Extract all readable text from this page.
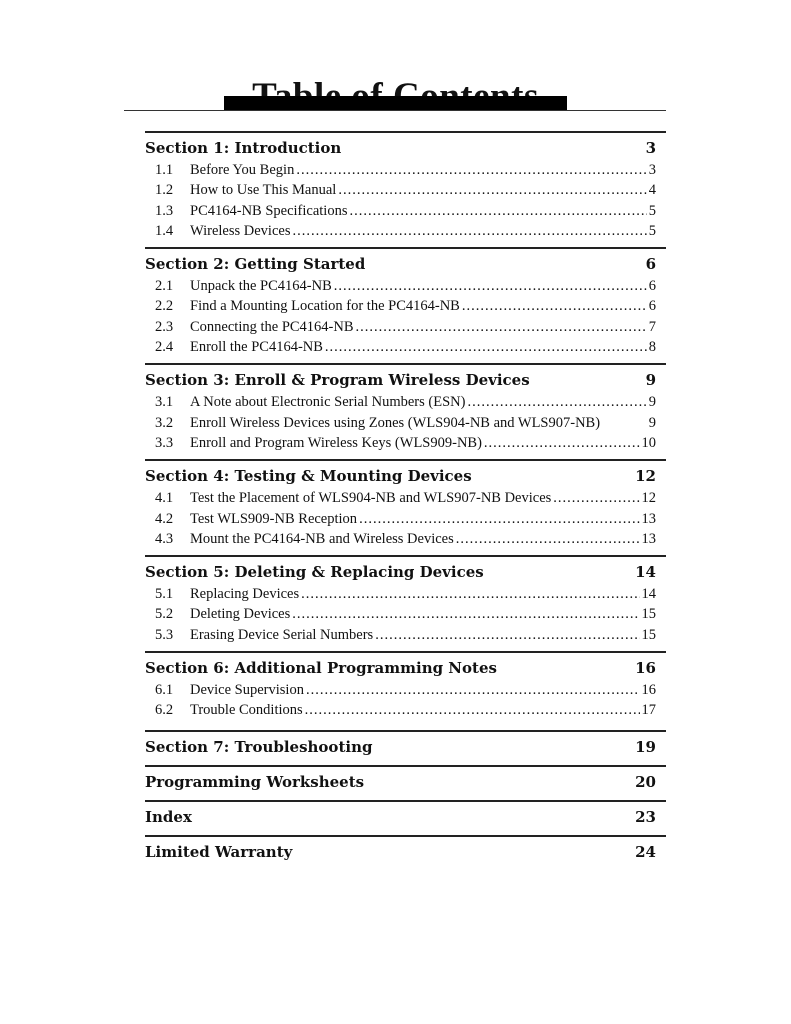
Section 1: Introduction	3
1.1	Before You Begin .....	3
1.2	How to Use This Manual .....	4
1.3	PC4164-NB Specifications .....	5
1.4	Wireless Devices .....	5
Section 2: Getting Started	6
2.1	Unpack the PC4164-NB .....	6
2.2	Find a Mounting Location for the PC4164-NB .....	6
2.3	Connecting the PC4164-NB .....	7
2.4	Enroll the PC4164-NB .....	8
Section 3: Enroll & Program Wireless Devices	9
3.1	A Note about Electronic Serial Numbers (ESN) .....	9
3.2	Enroll Wireless Devices using Zones (WLS904-NB and WLS907-NB)	9
3.3	Enroll and Program Wireless Keys (WLS909-NB) .....	10
Section 4: Testing & Mounting Devices	12
4.1	Test the Placement of WLS904-NB and WLS907-NB Devices .....	12
4.2	Test WLS909-NB Reception .....	13
4.3	Mount the PC4164-NB and Wireless Devices .....	13
Section 5: Deleting & Replacing Devices	14
5.1	Replacing Devices .....	14
5.2	Deleting Devices .....	15
5.3	Erasing Device Serial Numbers .....	15
Section 6: Additional Programming Notes	16
6.1	Device Supervision .....	16
6.2	Trouble Conditions .....	17
Section 7: Troubleshooting	19
Programming Worksheets	20
Index	23
Limited Warranty	24
